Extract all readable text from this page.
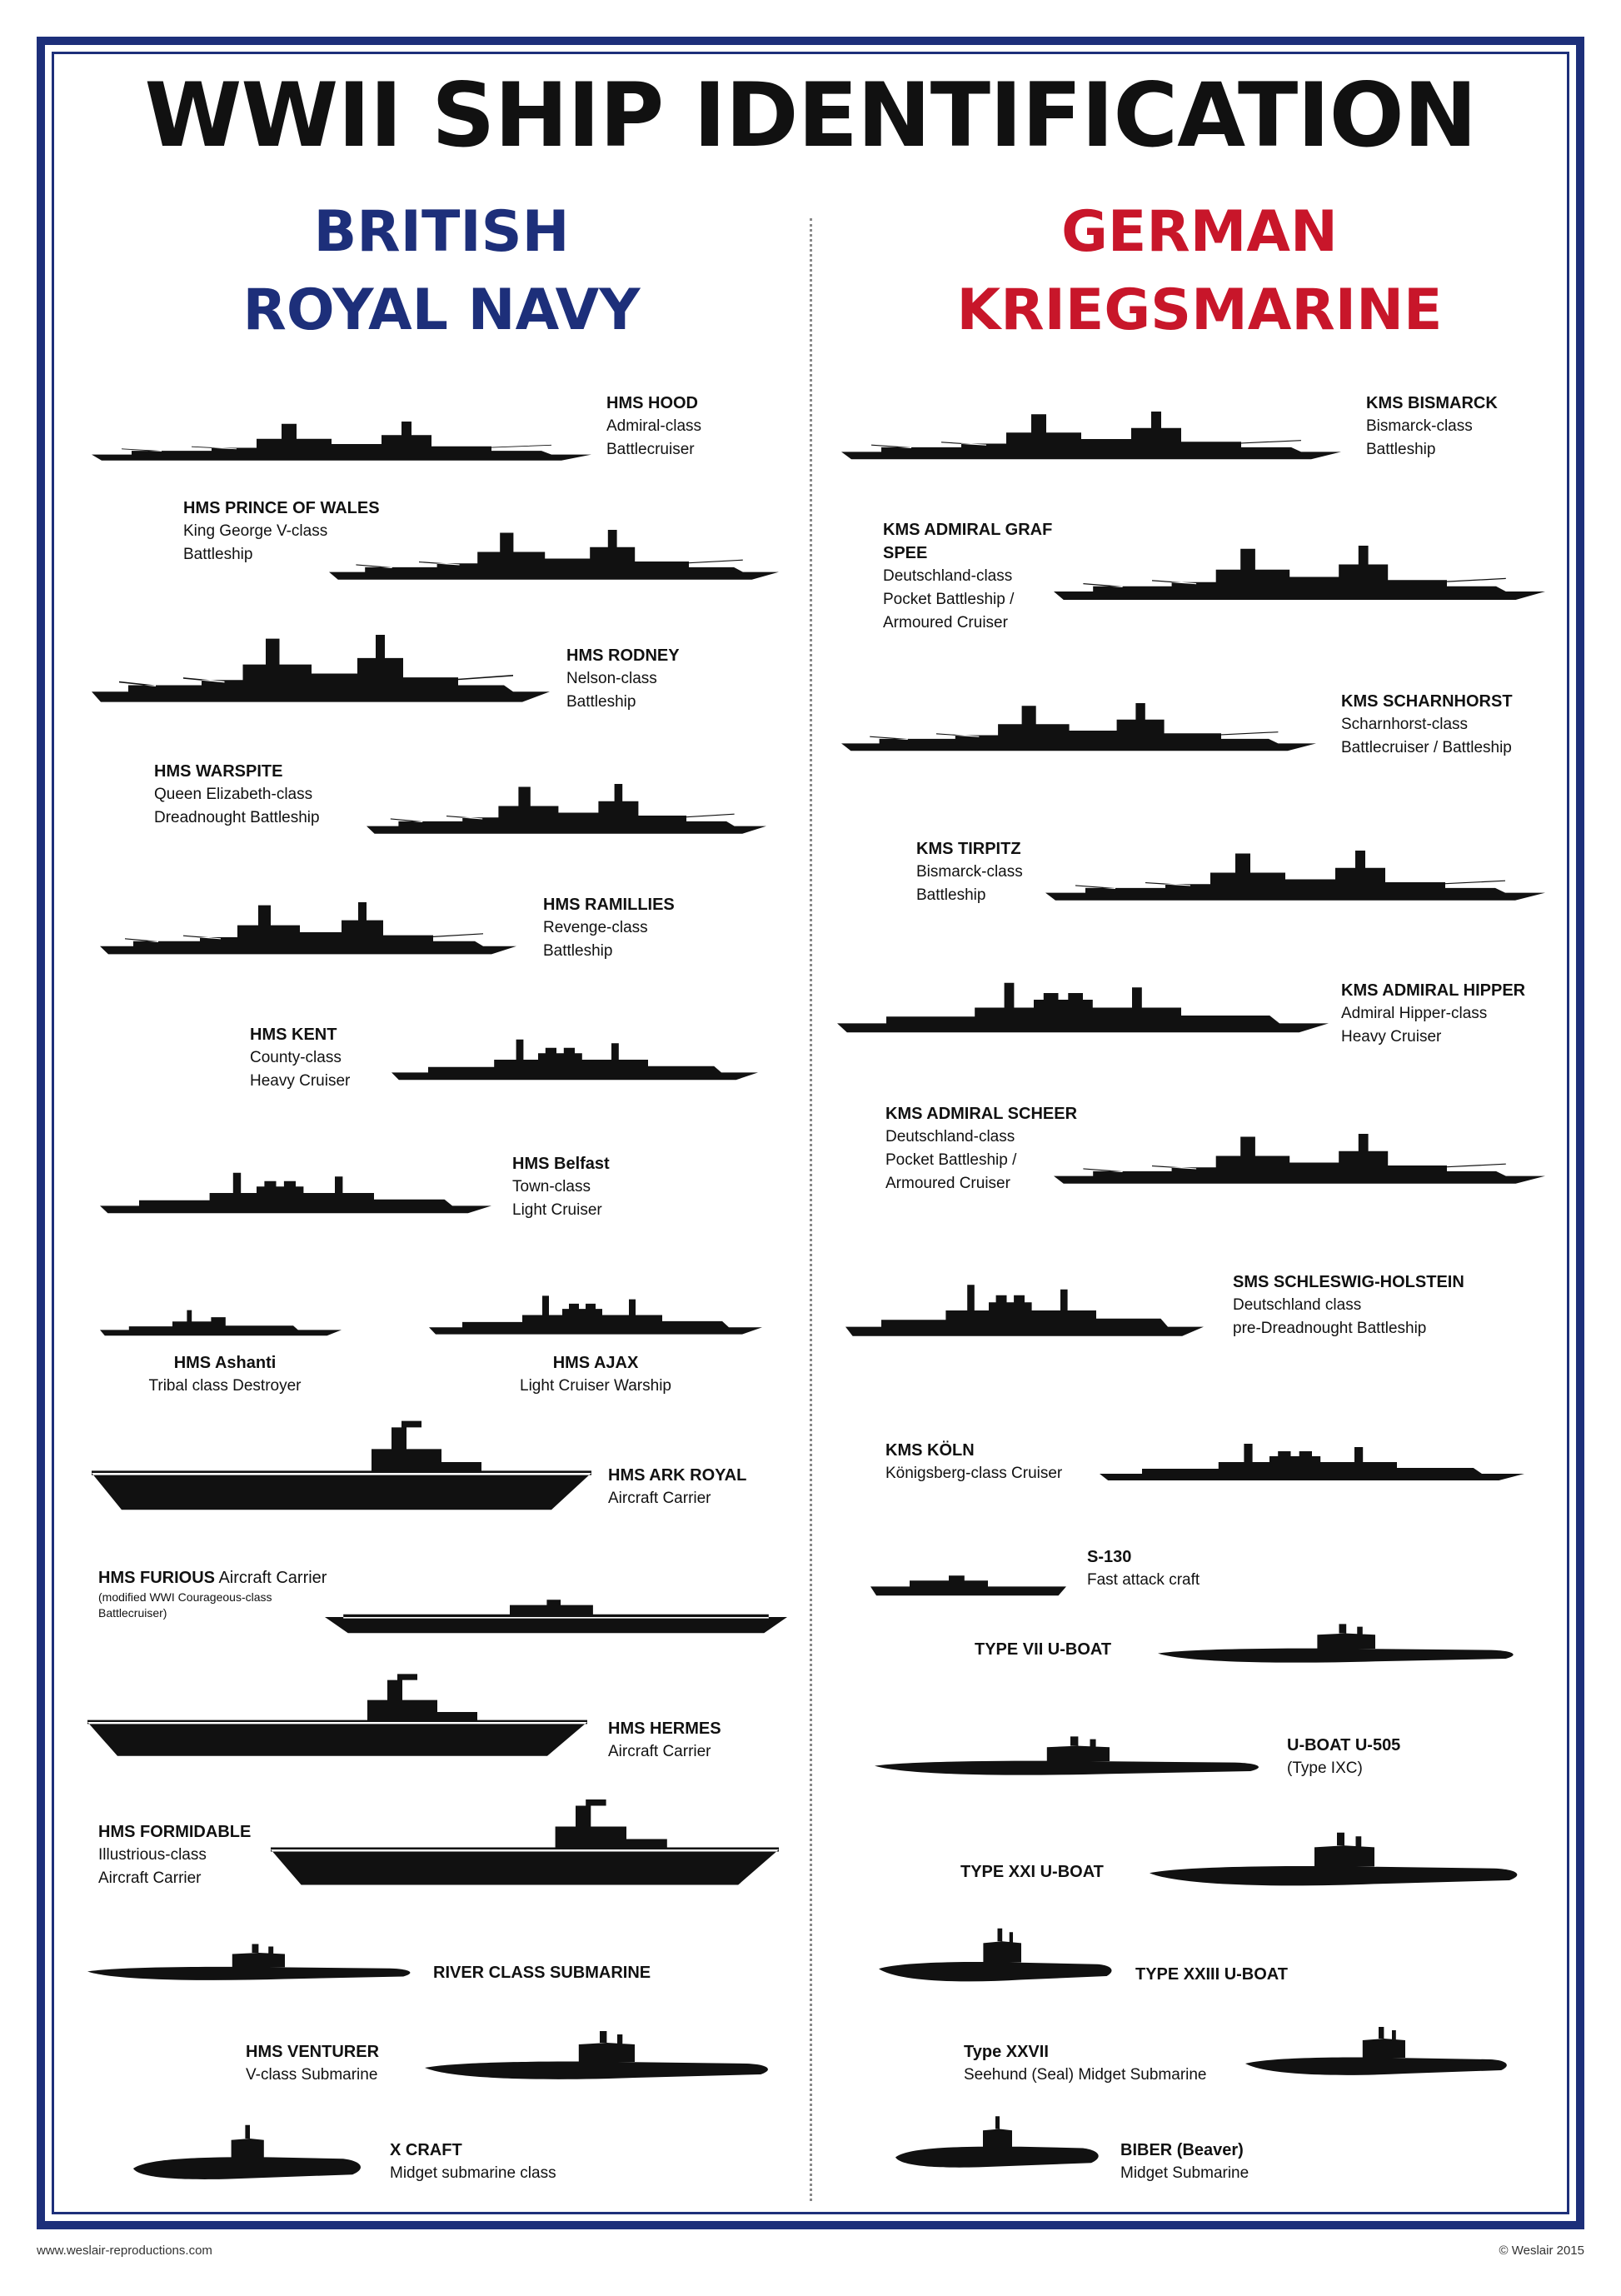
WWII SHIP IDENTIFICATION
BRITISH
ROYAL NAVY
GERMAN
KRIEGSMARINE
HMS HOOD
Admiral-class
Battlecruiser
HMS PRINCE OF WALES
King George V-class
Battleship
HMS RODNEY
Nelson-class
Battleship
HMS WARSPITE
Queen Elizabeth-class
Dreadnought Battleship
HMS RAMILLIES
Revenge-class
Battleship
HMS KENT
County-class
Heavy Cruiser
HMS Belfast
Town-class
Light Cruiser
HMS Ashanti
Tribal class Destroyer
HMS AJAX
Light Cruiser Warship
HMS ARK ROYAL
Aircraft Carrier
HMS FURIOUS Aircraft Carrier
(modified WWI Courageous-class
Battlecruiser)
HMS HERMES
Aircraft Carrier
HMS FORMIDABLE
Illustrious-class
Aircraft Carrier
RIVER CLASS SUBMARINE
HMS VENTURER
V-class Submarine
X CRAFT
Midget submarine class
KMS BISMARCK
Bismarck-class
Battleship
KMS ADMIRAL GRAF SPEE
Deutschland-class
Pocket Battleship /
Armoured Cruiser
KMS SCHARNHORST
Scharnhorst-class
Battlecruiser / Battleship
KMS TIRPITZ
Bismarck-class
Battleship
KMS ADMIRAL HIPPER
Admiral Hipper-class
Heavy Cruiser
KMS ADMIRAL SCHEER
Deutschland-class
Pocket Battleship /
Armoured Cruiser
SMS SCHLESWIG-HOLSTEIN
Deutschland class
pre-Dreadnought Battleship
KMS KÖLN
Königsberg-class Cruiser
S-130
Fast attack craft
TYPE VII U-BOAT
U-BOAT U-505
(Type IXC)
TYPE XXI U-BOAT
TYPE XXIII U-BOAT
Type XXVII
Seehund (Seal) Midget Submarine
BIBER (Beaver)
Midget Submarine
www.weslair-reproductions.com	© Weslair 2015
